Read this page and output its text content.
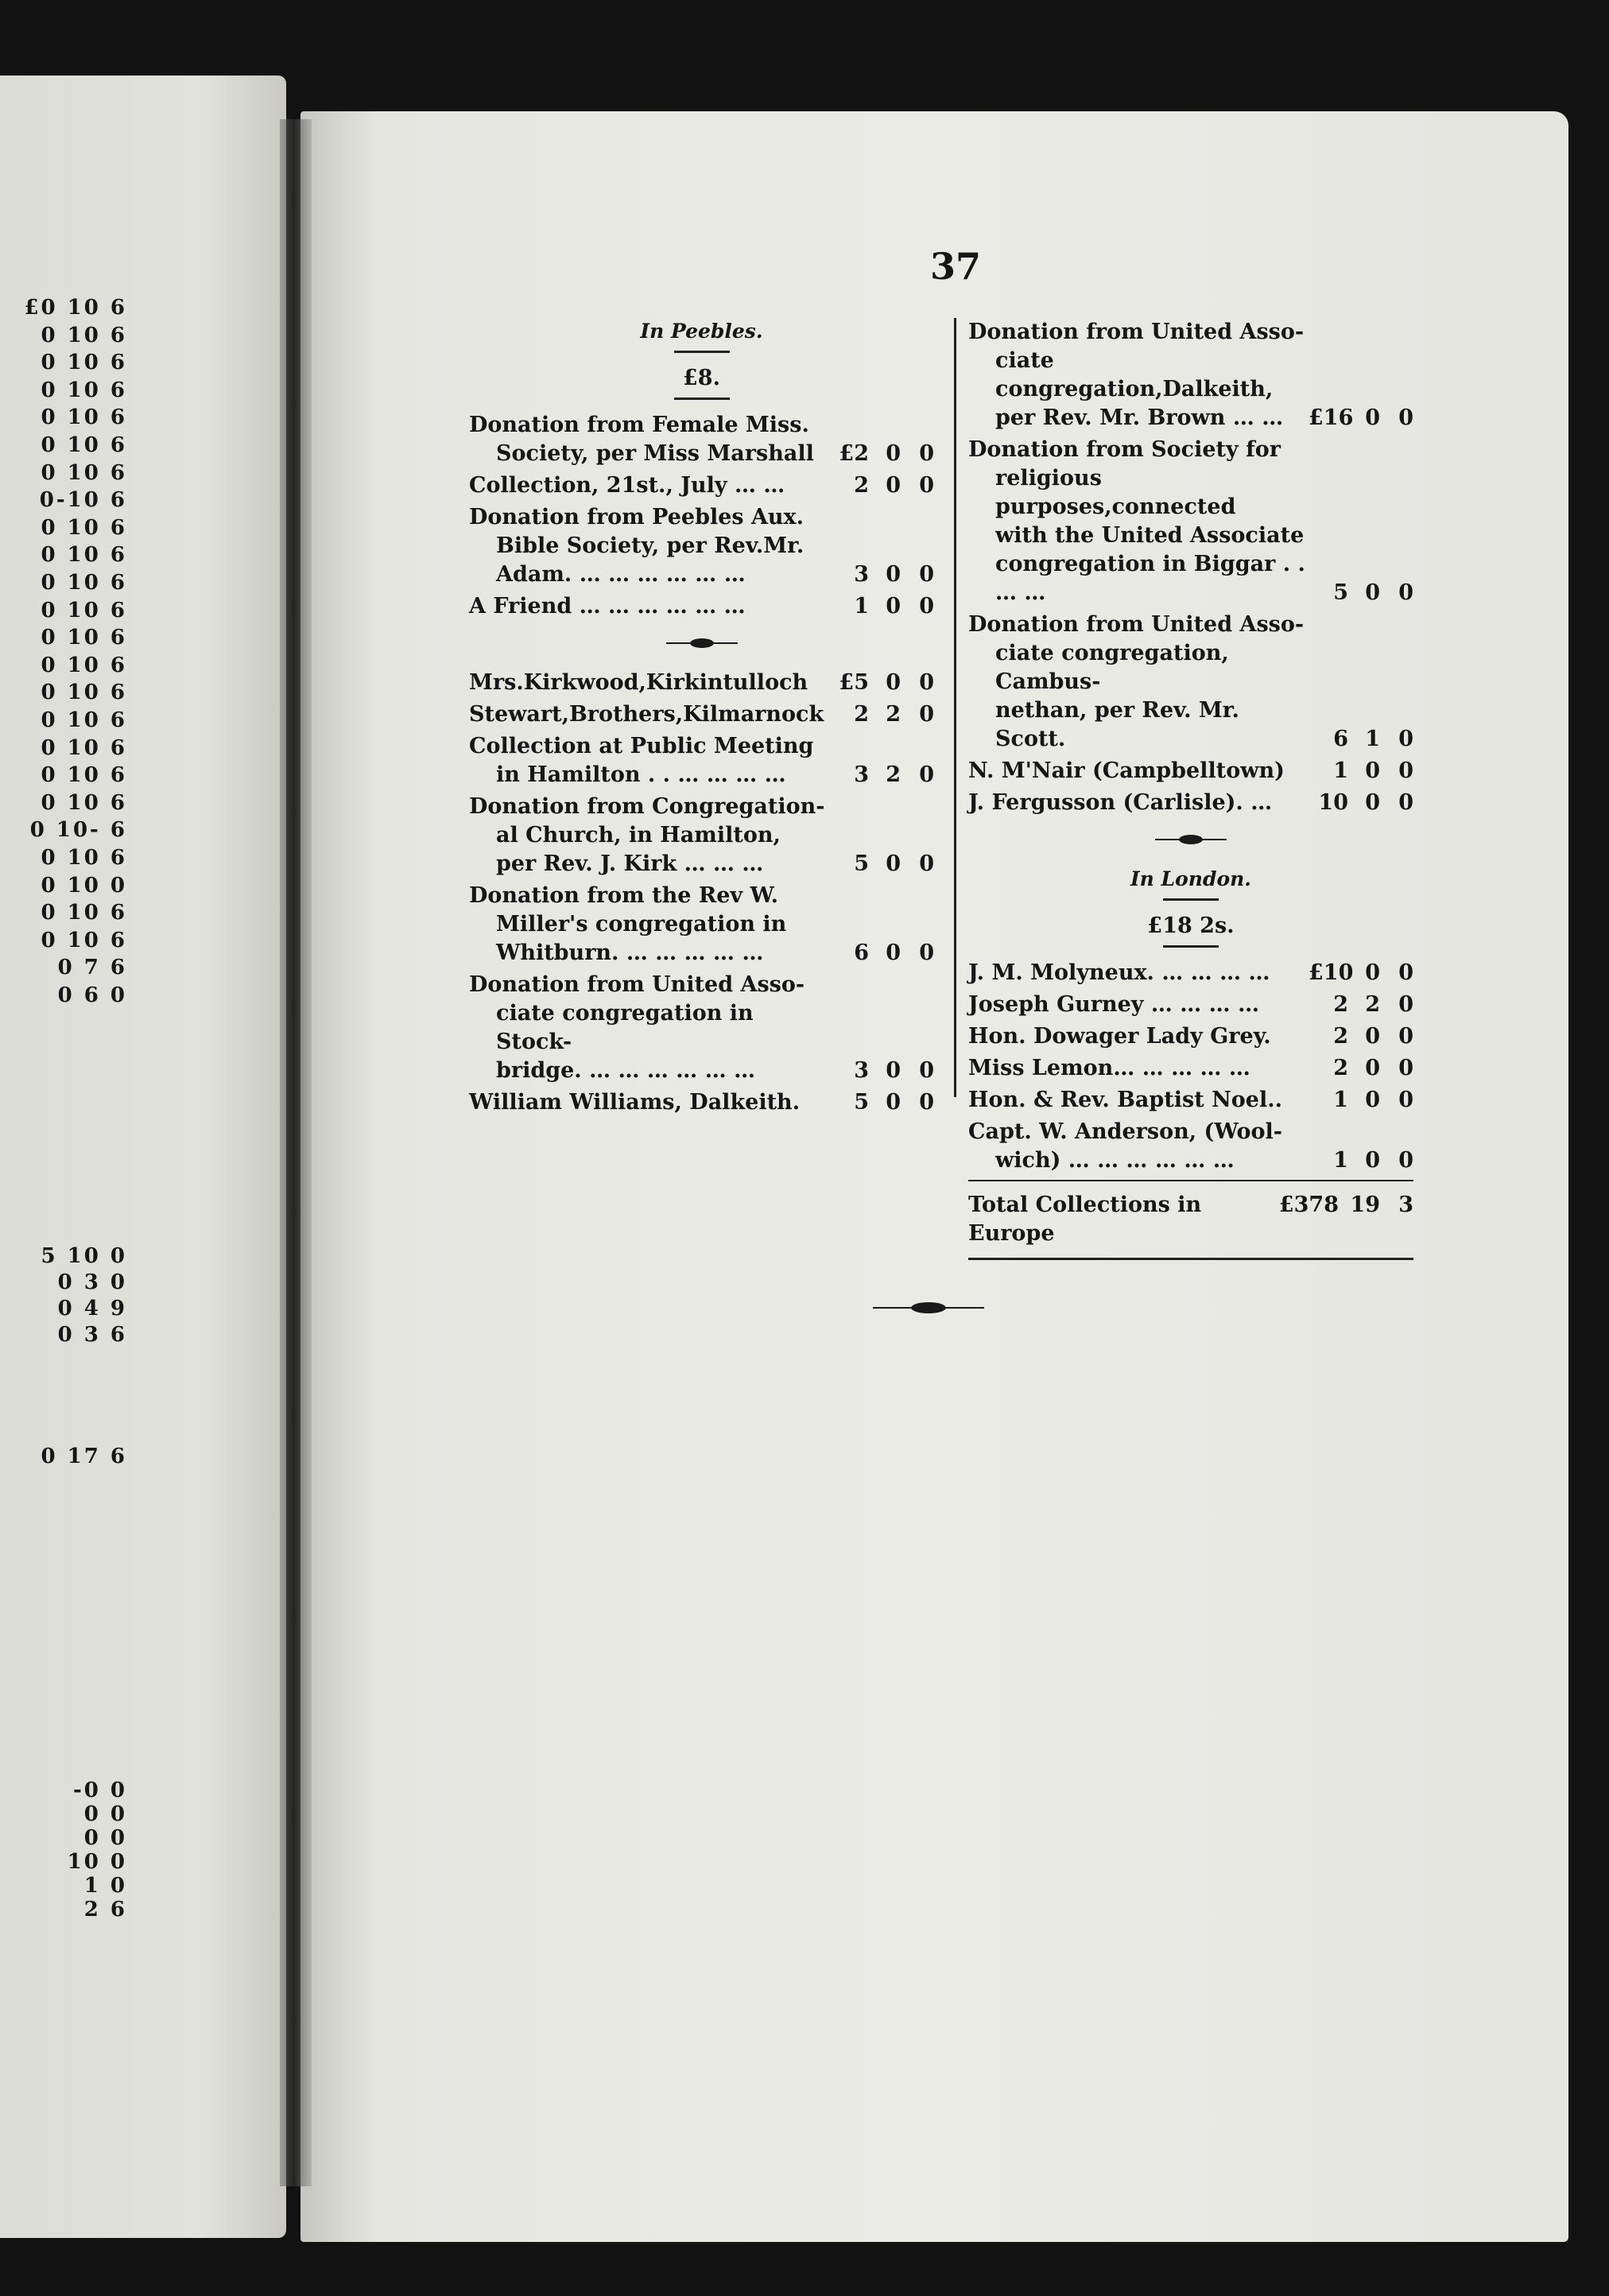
£0 10 6
0 10 6
0 10 6
0 10 6
0 10 6
0 10 6
0 10 6
0-10 6
0 10 6
0 10 6
0 10 6
0 10 6
0 10 6
0 10 6
0 10 6
0 10 6
0 10 6
0 10 6
0 10 6
0 10- 6
0 10 6
0 10 0
0 10 6
0 10 6
0 7 6
0 6 0
5 10 0
0 3 0
0 4 9
0 3 6
0 17 6
-0 0
0 0
0 0
10 0
1 0
2 6
37
In Peebles.
£8.
Donation from Female Miss.
Society, per Miss Marshall	£2 0 0
Collection, 21st., July … …	2 0 0
Donation from Peebles Aux.
Bible Society, per Rev.Mr.
Adam. … … … … … …	3 0 0
A Friend … … … … … …	1 0 0
Mrs.Kirkwood,Kirkintulloch	£5 0 0
Stewart,Brothers,Kilmarnock	2 2 0
Collection at Public Meeting
in Hamilton . . … … … …	3 2 0
Donation from Congregation-
al Church, in Hamilton,
per Rev. J. Kirk … … …	5 0 0
Donation from the Rev W.
Miller's congregation in
Whitburn. … … … … …	6 0 0
Donation from United Asso-
ciate congregation in Stock-
bridge. … … … … … …	3 0 0
William Williams, Dalkeith.	5 0 0
Donation from United Asso-
ciate congregation,Dalkeith,
per Rev. Mr. Brown … …	£16 0 0
Donation from Society for
religious purposes,connected
with the United Associate
congregation in Biggar . . … …	5 0 0
Donation from United Asso-
ciate congregation, Cambus-
nethan, per Rev. Mr. Scott.	6 1 0
N. M'Nair (Campbelltown)	1 0 0
J. Fergusson (Carlisle). …	10 0 0
In London.
£18 2s.
J. M. Molyneux. … … … …	£10 0 0
Joseph Gurney … … … …	2 2 0
Hon. Dowager Lady Grey.	2 0 0
Miss Lemon… … … … …	2 0 0
Hon. & Rev. Baptist Noel..	1 0 0
Capt. W. Anderson, (Wool-
wich) … … … … … …	1 0 0
Total Collections in Europe
£378 19 3
